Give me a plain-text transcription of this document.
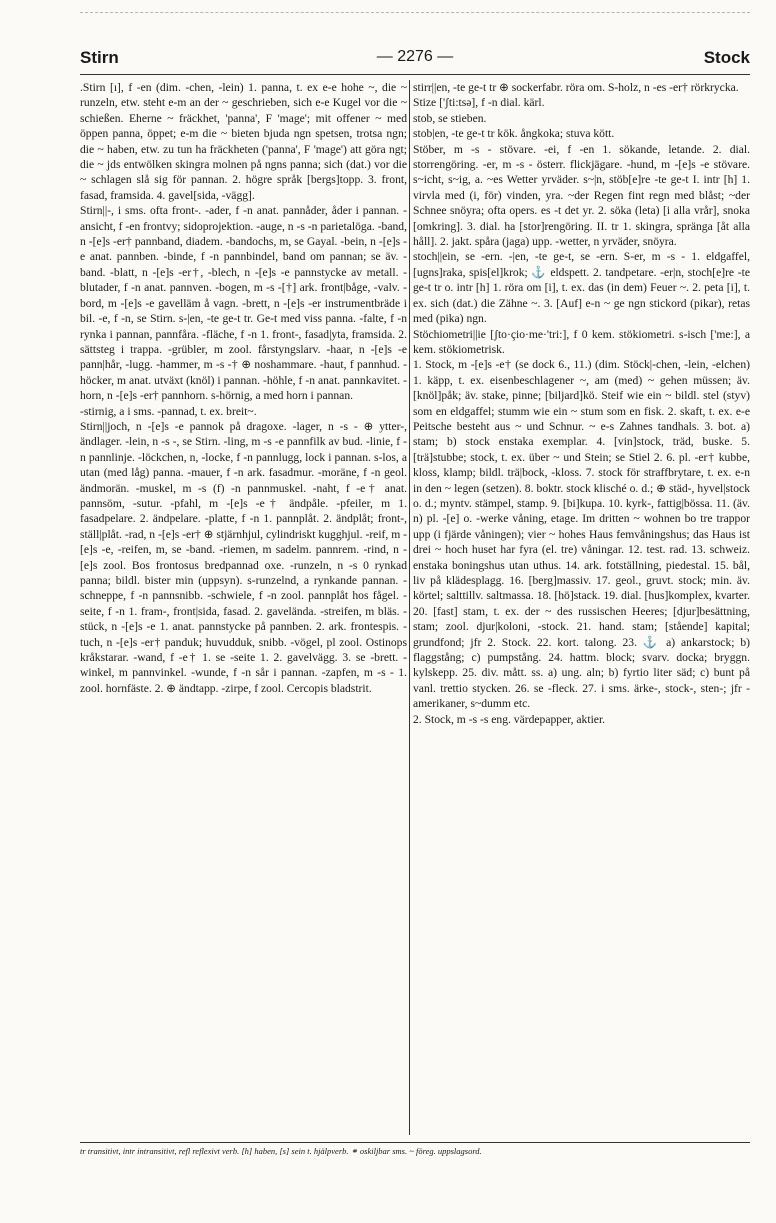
— 2276 —
Stirn	Stock

.Stirn [ı], f -en (dim. -chen, -lein) 1. panna, t. ex e-e hohe ~, die ~ runzeln, etw. steht e-m an der ~ geschrieben, sich e-e Kugel vor die ~ schießen. Eherne ~ fräckhet, 'panna', F 'mage'; mit offener ~ med öppen panna, öppet; e-m die ~ bieten bjuda ngn spetsen, trotsa ngn; die ~ haben, etw. zu tun ha fräckheten ('panna', F 'mage') att göra ngt; die ~ jds entwölken skingra molnen på ngns panna; sich (dat.) vor die ~ schlagen slå sig för pannan. 2. högre språk [bergs]topp. 3. front, fasad, framsida. 4. gavel[sida, -vägg].

Stirn||-, i sms. ofta front-. -ader, f -n anat. pannåder, åder i pannan. -ansicht, f -en frontvy; sidoprojektion. -auge, n -s -n parietalöga. -band, n -[e]s -er† pannband, diadem. -bandochs, m, se Gayal. -bein, n -[e]s -e anat. pannben. -binde, f -n pannbindel, band om pannan; se äv. -band. -blatt, n -[e]s -er†, -blech, n -[e]s -e pannstycke av metall. -blutader, f -n anat. pannven. -bogen, m -s -[†] ark. front|båge, -valv. -bord, m -[e]s -e gavelläm å vagn. -brett, n -[e]s -er instrumentbräde i bil. -e, f -n, se Stirn. s-|en, -te ge-t tr. Ge-t med viss panna. -falte, f -n rynka i pannan, pannfåra. -fläche, f -n 1. front-, fasad|yta, framsida. 2. sättsteg i trappa. -grübler, m zool. fårstyngslarv. -haar, n -[e]s -e pann|hår, -lugg. -hammer, m -s -† ⊕ noshammare. -haut, f pannhud. -höcker, m anat. utväxt (knöl) i pannan. -höhle, f -n anat. pannkavitet. -horn, n -[e]s -er† pannhorn. s-hörnig, a med horn i pannan.

-stirnig, a i sms. -pannad, t. ex. breit~.

Stirn||joch, n -[e]s -e pannok på dragoxe. -lager, n -s - ⊕ ytter-, ändlager. -lein, n -s -, se Stirn. -ling, m -s -e pannfilk av bud. -linie, f -n pannlinje. -löckchen, n, -locke, f -n pannlugg, lock i pannan. s-los, a utan (med låg) panna. -mauer, f -n ark. fasadmur. -moräne, f -n geol. ändmorän. -muskel, m -s (f) -n pannmuskel. -naht, f -e† anat. pannsöm, -sutur. -pfahl, m -[e]s -e† ändpåle. -pfeiler, m 1. fasadpelare. 2. ändpelare. -platte, f -n 1. pannplåt. 2. ändplåt; front-, ställ|plåt. -rad, n -[e]s -er† ⊕ stjärnhjul, cylindriskt kugghjul. -reif, m -[e]s -e, -reifen, m, se -band. -riemen, m sadelm. pannrem. -rind, n -[e]s zool. Bos frontosus bredpannad oxe. -runzeln, n -s 0 rynkad panna; bildl. bister min (uppsyn). s-runzelnd, a rynkande pannan. -schneppe, f -n pannsnibb. -schwiele, f -n zool. pannplåt hos fågel. -seite, f -n 1. fram-, front|sida, fasad. 2. gaveländа. -streifen, m bläs. -stück, n -[e]s -e 1. anat. pannstycke på pannben. 2. ark. frontespis. -tuch, n -[e]s -er† panduk; huvudduk, snibb. -vögel, pl zool. Ostinops kråkstarar. -wand, f -e† 1. se -seite 1. 2. gavelvägg. 3. se -brett. -winkel, m pannvinkel. -wunde, f -n sår i pannan. -zapfen, m -s - 1. zool. hornfäste. 2. ⊕ ändtapp. -zirpe, f zool. Cercopis bladstrit.

stirr||en, -te ge-t tr ⊕ sockerfabr. röra om. S-holz, n -es -er† rörkrycka.

Stize ['ʃti:tsə], f -n dial. kärl.

stob, se stieben.

stob|en, -te ge-t tr kök. ångkoka; stuva kött.

Stöber, m -s - stövare. -ei, f -en 1. sökande, letande. 2. dial. storrengöring. -er, m -s - österr. flickjägare. -hund, m -[e]s -e stövare. s~icht, s~ig, a. ~es Wetter yrväder. s~|n, stöb[e]re -te ge-t I. intr [h] 1. virvla med (i, för) vinden, yra. ~der Regen fint regn med blåst; ~der Schnee snöyra; ofta opers. es -t det yr. 2. söka (leta) [i alla vrår], snoka [omkring]. 3. dial. ha [stor]rengöring. II. tr 1. skingra, spränga [åt alla håll]. 2. jakt. spåra (jaga) upp. -wetter, n yrväder, snöyra.

stoch||ein, se -ern. -|en, -te ge-t, se -ern. S-er, m -s - 1. eldgaffel, [ugns]raka, spis[el]krok; ⚓ eldspett. 2. tandpetare. -er|n, stoch[e]re -te ge-t tr o. intr [h] 1. röra om [i], t. ex. das (in dem) Feuer ~. 2. peta [i], t. ex. sich (dat.) die Zähne ~. 3. [Auf] e-n ~ ge ngn stickord (pikar), retas med (pika) ngn.

Stöchiometri||ie [ʃto·çio·me·'tri:], f 0 kem. stökiometri. s-isch ['me:], a kem. stökiometrisk.

1. Stock, m -[e]s -e† (se dock 6., 11.) (dim. Stöck|-chen, -lein, -elchen) 1. käpp, t. ex. eisenbeschlagener ~, am (med) ~ gehen müssen; äv. [knöl]påk; äv. stake, pinne; [biljard]kö. Steif wie ein ~ bildl. stel (styv) som en eldgaffel; stumm wie ein ~ stum som en fisk. 2. skaft, t. ex. e-e Peitsche besteht aus ~ und Schnur. ~ e-s Zahnes tandhals. 3. bot. a) stam; b) stock enstaka exemplar. 4. [vin]stock, träd, buske. 5. [trä]stubbe; stock, t. ex. über ~ und Stein; se Stiel 2. 6. pl. -er† kubbe, kloss, klamp; bildl. trä|bock, -kloss. 7. stock för straffbrytare, t. ex. e-n in den ~ legen (setzen). 8. boktr. stock klisché o. d.; ⊕ städ-, hyvel|stock o. d.; myntv. stämpel, stamp. 9. [bi]kupa. 10. kyrk-, fattig|bössa. 11. (äv. n) pl. -[e] o. -werke våning, etage. Im dritten ~ wohnen bo tre trappor upp (i fjärde våningen); vier ~ hohes Haus femvåningshus; das Haus ist drei ~ hoch huset har fyra (el. tre) våningar. 12. test. rad. 13. schweiz. enstaka boningshus utan uthus. 14. ark. fotställning, piedestal. 15. bål, liv på klädesplagg. 16. [berg]massiv. 17. geol., gruvt. stock; min. äv. körtel; salttillv. saltmassa. 18. [hö]stack. 19. dial. [hus]komplex, kvarter. 20. [fast] stam, t. ex. der ~ des russischen Heeres; [djur]besättning, stam; zool. djur|koloni, -stock. 21. hand. stam; [stående] kapital; grundfond; jfr 2. Stock. 22. kort. talong. 23. ⚓ a) ankarstock; b) flaggstång; c) pumpstång. 24. hattm. block; svarv. docka; bryggn. kylskepp. 25. div. mått. ss. a) ung. aln; b) fyrtio liter säd; c) bunt på vanl. trettio stycken. 26. se -fleck. 27. i sms. ärke-, stock-, sten-; jfr -amerikaner, s~dumm etc.

2. Stock, m -s -s eng. värdepapper, aktier.

tr transitivt, intr intransitivt, refl reflexivt verb. [h] haben, [s] sein t. hjälpverb. ⚭ oskiljbar sms. ~ föreg. uppslagsord.
